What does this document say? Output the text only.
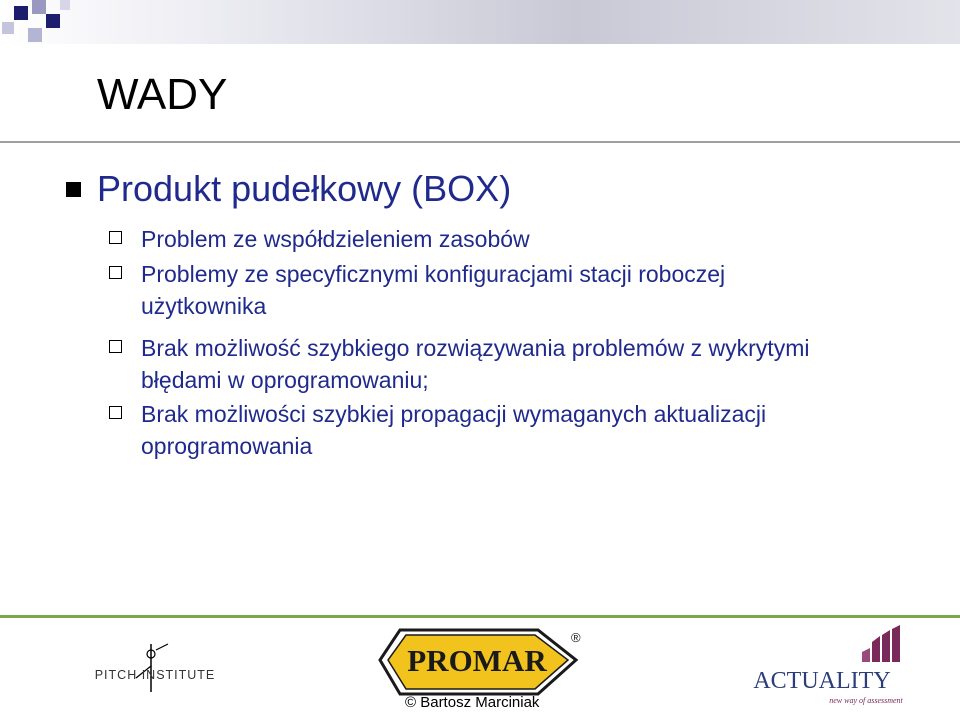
WADY
Produkt pudełkowy (BOX)
Problem ze współdzieleniem zasobów
Problemy ze specyficznymi konfiguracjami stacji roboczej użytkownika
Brak możliwość szybkiego rozwiązywania problemów z wykrytymi błędami w oprogramowaniu;
Brak możliwości szybkiej propagacji wymaganych aktualizacji oprogramowania
PITCH INSTITUTE	PROMAR
®
ACTUALITY
new way of assessment
© Bartosz Marciniak
